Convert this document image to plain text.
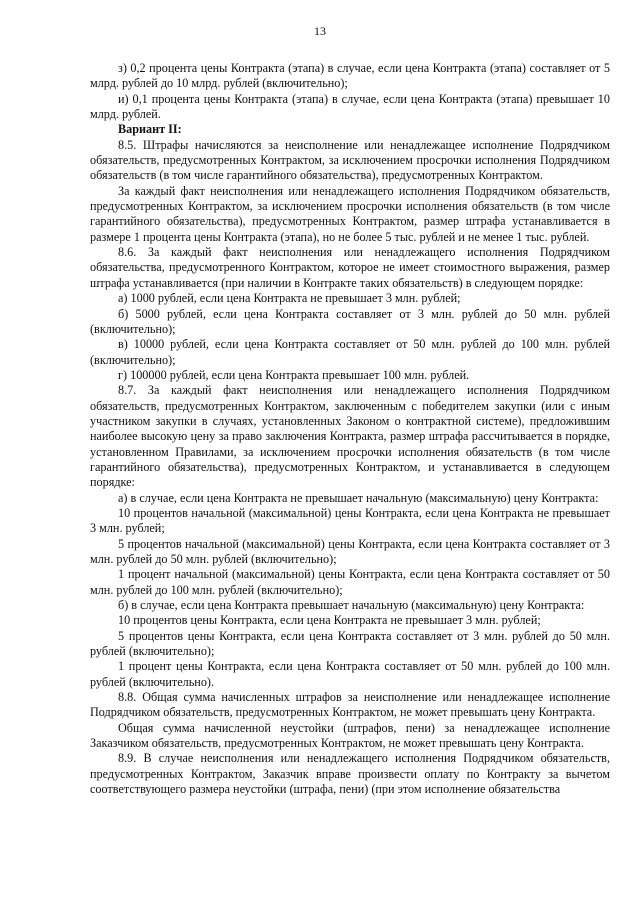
13

з) 0,2 процента цены Контракта (этапа) в случае, если цена Контракта (этапа) составляет от 5 млрд. рублей до 10 млрд. рублей (включительно);

и) 0,1 процента цены Контракта (этапа) в случае, если цена Контракта (этапа) превышает 10 млрд. рублей.

Вариант II:

8.5. Штрафы начисляются за неисполнение или ненадлежащее исполнение Подрядчиком обязательств, предусмотренных Контрактом, за исключением просрочки исполнения Подрядчиком обязательств (в том числе гарантийного обязательства), предусмотренных Контрактом.

За каждый факт неисполнения или ненадлежащего исполнения Подрядчиком обязательств, предусмотренных Контрактом, за исключением просрочки исполнения обязательств (в том числе гарантийного обязательства), предусмотренных Контрактом, размер штрафа устанавливается в размере 1 процента цены Контракта (этапа), но не более 5 тыс. рублей и не менее 1 тыс. рублей.

8.6. За каждый факт неисполнения или ненадлежащего исполнения Подрядчиком обязательства, предусмотренного Контрактом, которое не имеет стоимостного выражения, размер штрафа устанавливается (при наличии в Контракте таких обязательств) в следующем порядке:

а) 1000 рублей, если цена Контракта не превышает 3 млн. рублей;

б) 5000 рублей, если цена Контракта составляет от 3 млн. рублей до 50 млн. рублей (включительно);

в) 10000 рублей, если цена Контракта составляет от 50 млн. рублей до 100 млн. рублей (включительно);

г) 100000 рублей, если цена Контракта превышает 100 млн. рублей.

8.7. За каждый факт неисполнения или ненадлежащего исполнения Подрядчиком обязательств, предусмотренных Контрактом, заключенным с победителем закупки (или с иным участником закупки в случаях, установленных Законом о контрактной системе), предложившим наиболее высокую цену за право заключения Контракта, размер штрафа рассчитывается в порядке, установленном Правилами, за исключением просрочки исполнения обязательств (в том числе гарантийного обязательства), предусмотренных Контрактом, и устанавливается в следующем порядке:

а) в случае, если цена Контракта не превышает начальную (максимальную) цену Контракта:

10 процентов начальной (максимальной) цены Контракта, если цена Контракта не превышает 3 млн. рублей;

5 процентов начальной (максимальной) цены Контракта, если цена Контракта составляет от 3 млн. рублей до 50 млн. рублей (включительно);

1 процент начальной (максимальной) цены Контракта, если цена Контракта составляет от 50 млн. рублей до 100 млн. рублей (включительно);

б) в случае, если цена Контракта превышает начальную (максимальную) цену Контракта:

10 процентов цены Контракта, если цена Контракта не превышает 3 млн. рублей;

5 процентов цены Контракта, если цена Контракта составляет от 3 млн. рублей до 50 млн. рублей (включительно);

1 процент цены Контракта, если цена Контракта составляет от 50 млн. рублей до 100 млн. рублей (включительно).

8.8. Общая сумма начисленных штрафов за неисполнение или ненадлежащее исполнение Подрядчиком обязательств, предусмотренных Контрактом, не может превышать цену Контракта.

Общая сумма начисленной неустойки (штрафов, пени) за ненадлежащее исполнение Заказчиком обязательств, предусмотренных Контрактом, не может превышать цену Контракта.

8.9. В случае неисполнения или ненадлежащего исполнения Подрядчиком обязательств, предусмотренных Контрактом, Заказчик вправе произвести оплату по Контракту за вычетом соответствующего размера неустойки (штрафа, пени) (при этом исполнение обязательства
